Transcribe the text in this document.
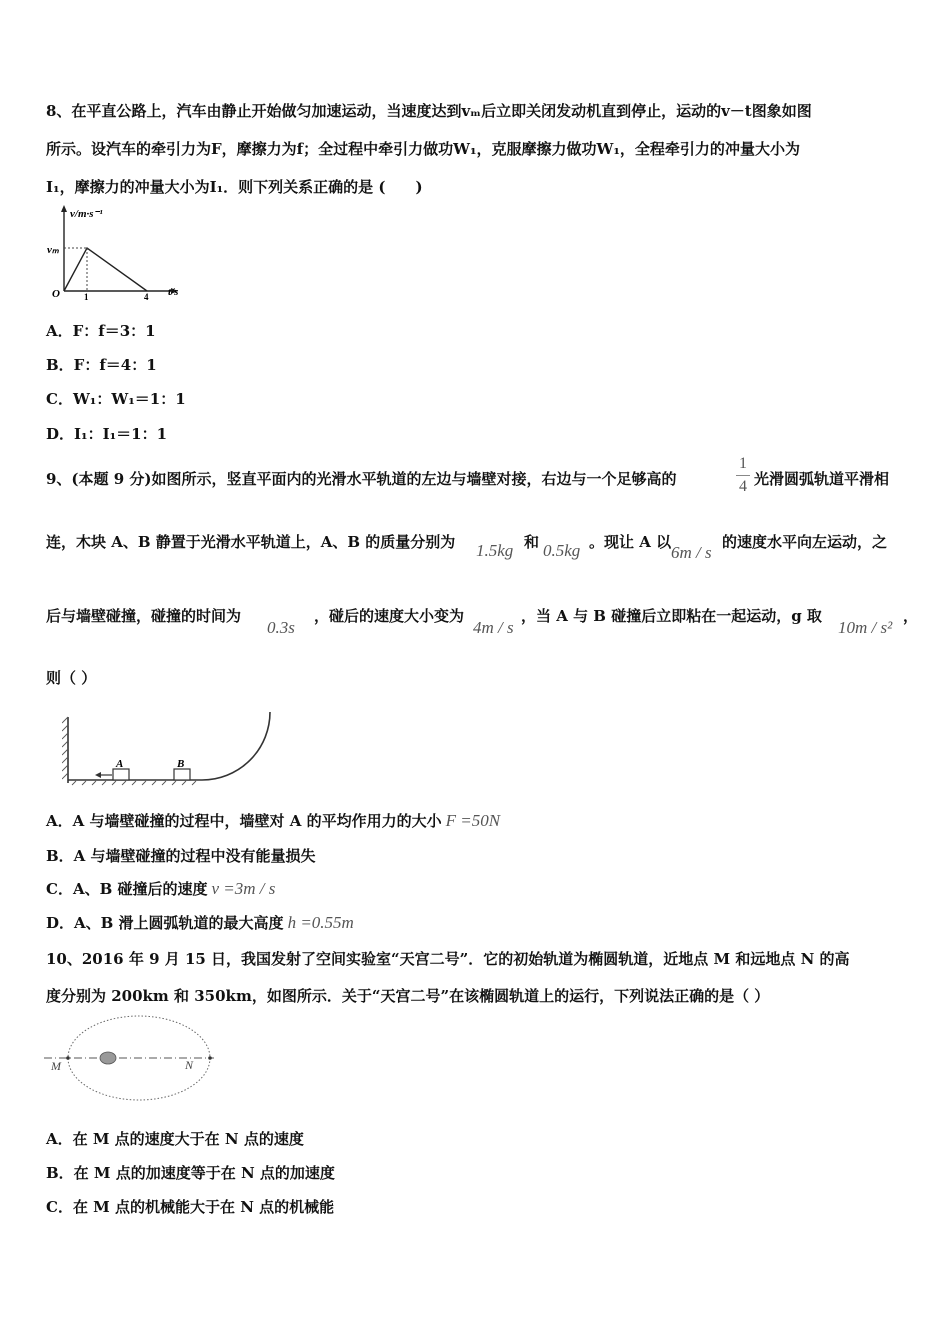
8、在平直公路上，汽车由静止开始做匀加速运动，当速度达到vₘ后立即关闭发动机直到停止，运动的v－t图象如图
所示。设汽车的牵引力为F，摩擦力为f；全过程中牵引力做功W₁，克服摩擦力做功W₁，全程牵引力的冲量大小为
I₁，摩擦力的冲量大小为I₁．则下列关系正确的是 (　　)
v/m·s⁻¹
vₘ
O	1	4 t/s
A．F：f＝3：1
B．F：f＝4：1
C．W₁：W₁＝1：1
D．I₁：I₁＝1：1
9、(本题 9 分)如图所示，竖直平面内的光滑水平轨道的左边与墙壁对接，右边与一个足够高的
1
4 光滑圆弧轨道平滑相
连，木块 A、B 静置于光滑水平轨道上，A、B 的质量分别为 1.5kg 和 0.5kg 。现让 A 以
6m / s
的速度水平向左运动，之
后与墙壁碰撞，碰撞的时间为
0.3s
，碰后的速度大小变为
4m / s
，当 A 与 B 碰撞后立即粘在一起运动，g 取
10m / s²
，
则（ ）
A	B
A．A 与墙壁碰撞的过程中，墙壁对 A 的平均作用力的大小 F =50N
B．A 与墙壁碰撞的过程中没有能量损失
C．A、B 碰撞后的速度 v =3m / s
D．A、B 滑上圆弧轨道的最大高度 h =0.55m
10、2016 年 9 月 15 日，我国发射了空间实验室“天宫二号”．它的初始轨道为椭圆轨道，近地点 M 和远地点 N 的高
度分别为 200km 和 350km，如图所示．关于“天宫二号”在该椭圆轨道上的运行，下列说法正确的是（ ）
M	N
A．在 M 点的速度大于在 N 点的速度
B．在 M 点的加速度等于在 N 点的加速度
C．在 M 点的机械能大于在 N 点的机械能
